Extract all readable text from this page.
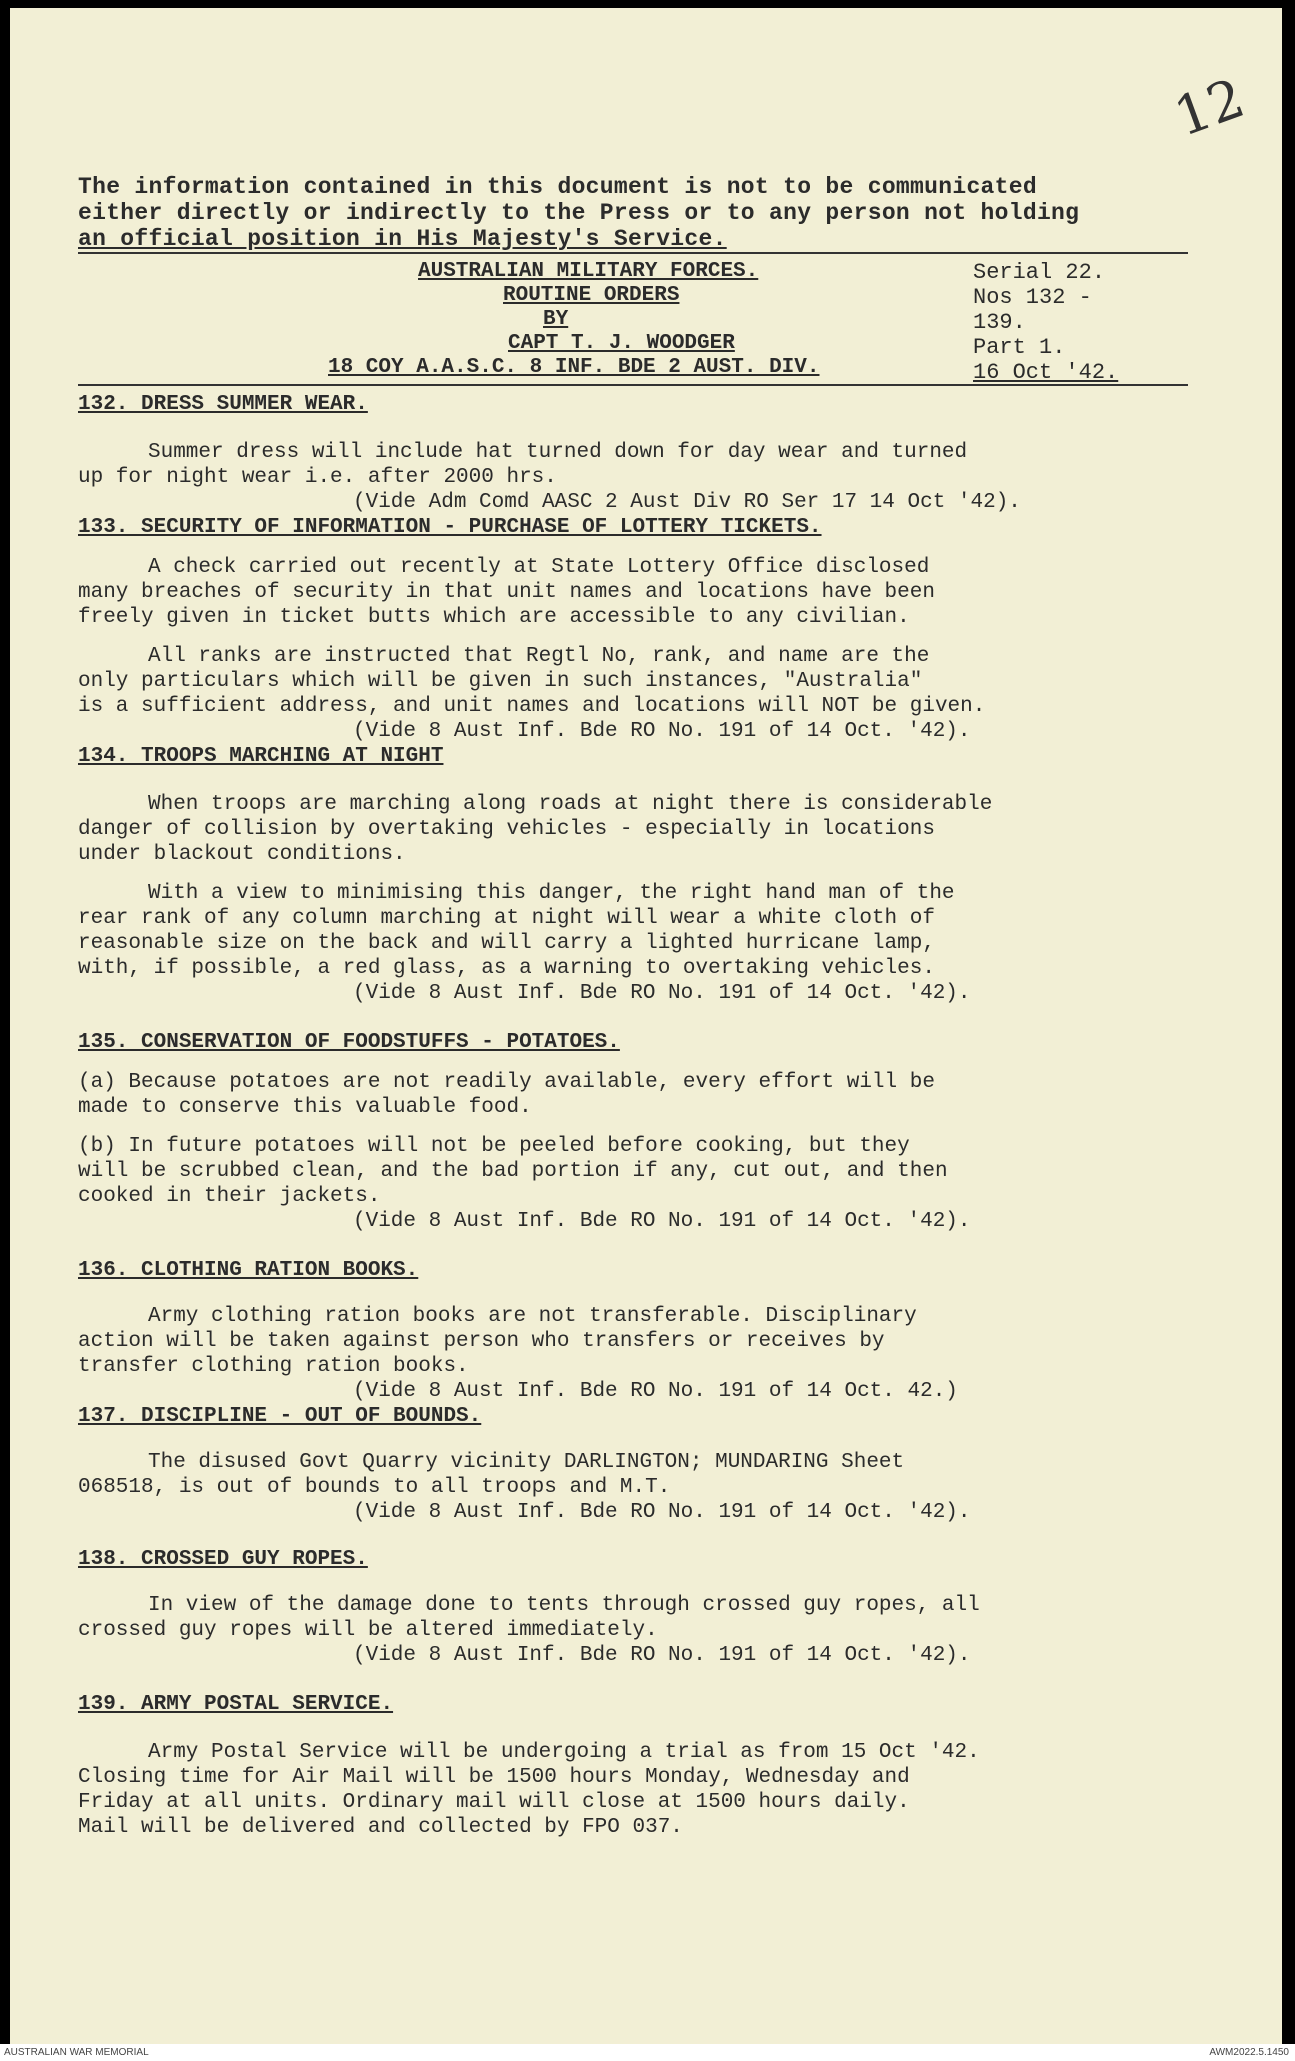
12
The information contained in this document is not to be communicated
either directly or indirectly to the Press or to any person not holding
an official position in His Majesty's Service.
AUSTRALIAN MILITARY FORCES.
ROUTINE ORDERS
BY
CAPT T. J. WOODGER
18 COY A.A.S.C. 8 INF. BDE 2 AUST. DIV.
Serial 22.
Nos 132 -
139.
Part 1.
16 Oct '42.
132. DRESS SUMMER WEAR.
Summer dress will include hat turned down for day wear and turned
up for night wear i.e. after 2000 hrs.
(Vide Adm Comd AASC 2 Aust Div RO Ser 17 14 Oct '42).
133. SECURITY OF INFORMATION - PURCHASE OF LOTTERY TICKETS.
A check carried out recently at State Lottery Office disclosed
many breaches of security in that unit names and locations have been
freely given in ticket butts which are accessible to any civilian.
All ranks are instructed that Regtl No, rank, and name are the
only particulars which will be given in such instances, "Australia"
is a sufficient address, and unit names and locations will NOT be given.
(Vide 8 Aust Inf. Bde RO No. 191 of 14 Oct. '42).
134. TROOPS MARCHING AT NIGHT
When troops are marching along roads at night there is considerable
danger of collision by overtaking vehicles - especially in locations
under blackout conditions.
With a view to minimising this danger, the right hand man of the
rear rank of any column marching at night will wear a white cloth of
reasonable size on the back and will carry a lighted hurricane lamp,
with, if possible, a red glass, as a warning to overtaking vehicles.
(Vide 8 Aust Inf. Bde RO No. 191 of 14 Oct. '42).
135. CONSERVATION OF FOODSTUFFS - POTATOES.
(a) Because potatoes are not readily available, every effort will be
made to conserve this valuable food.
(b) In future potatoes will not be peeled before cooking, but they
will be scrubbed clean, and the bad portion if any, cut out, and then
cooked in their jackets.
(Vide 8 Aust Inf. Bde RO No. 191 of 14 Oct. '42).
136. CLOTHING RATION BOOKS.
Army clothing ration books are not transferable. Disciplinary
action will be taken against person who transfers or receives by
transfer clothing ration books.
(Vide 8 Aust Inf. Bde RO No. 191 of 14 Oct. 42.)
137. DISCIPLINE - OUT OF BOUNDS.
The disused Govt Quarry vicinity DARLINGTON; MUNDARING Sheet
068518, is out of bounds to all troops and M.T.
(Vide 8 Aust Inf. Bde RO No. 191 of 14 Oct. '42).
138. CROSSED GUY ROPES.
In view of the damage done to tents through crossed guy ropes, all
crossed guy ropes will be altered immediately.
(Vide 8 Aust Inf. Bde RO No. 191 of 14 Oct. '42).
139. ARMY POSTAL SERVICE.
Army Postal Service will be undergoing a trial as from 15 Oct '42.
Closing time for Air Mail will be 1500 hours Monday, Wednesday and
Friday at all units. Ordinary mail will close at 1500 hours daily.
Mail will be delivered and collected by FPO 037.
AUSTRALIAN WAR MEMORIAL	AWM2022.5.1450
